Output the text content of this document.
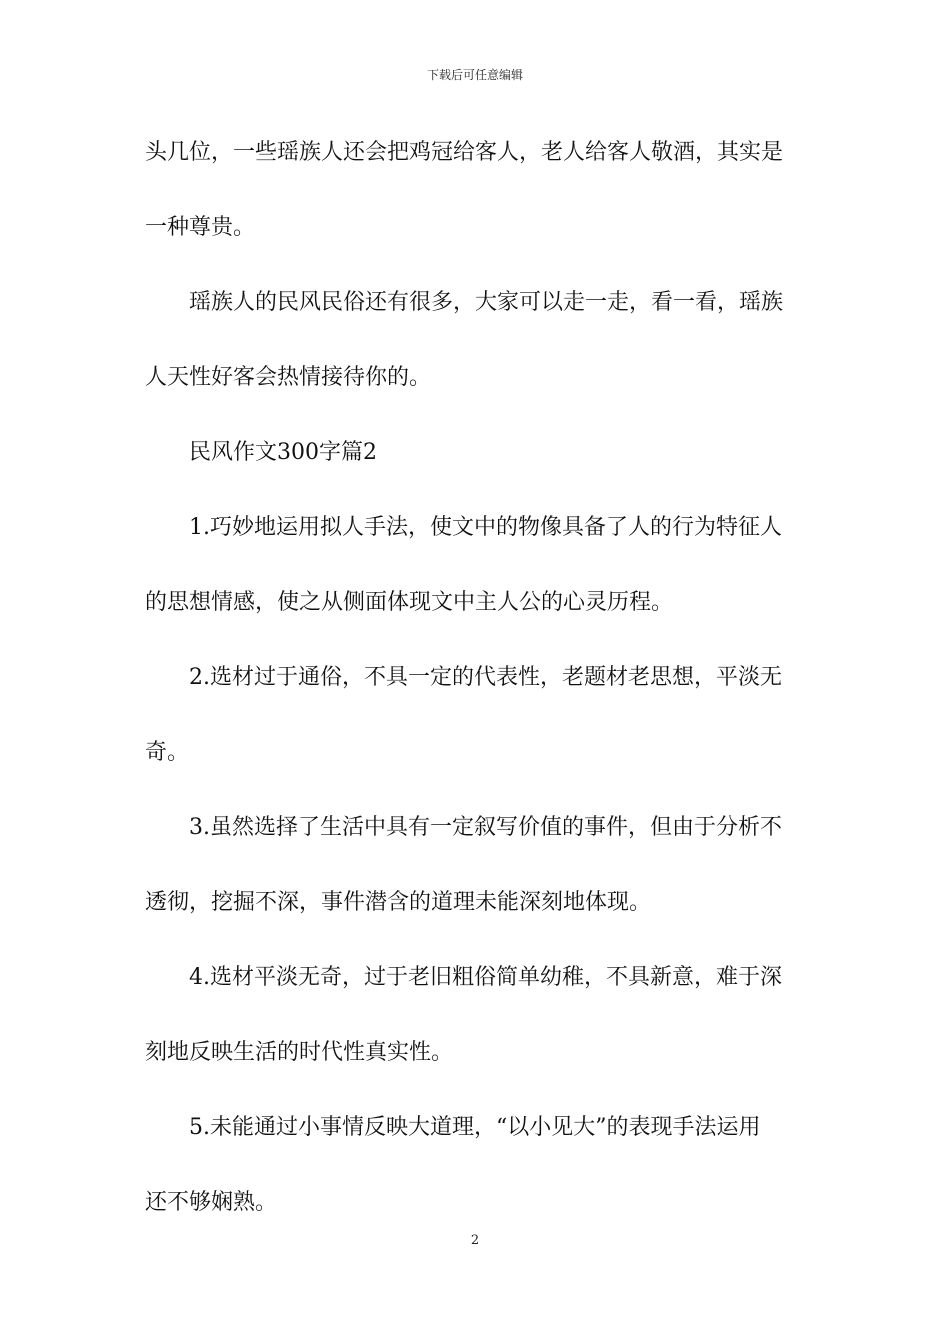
下载后可任意编辑
头几位，一些瑶族人还会把鸡冠给客人，老人给客人敬酒，其实是
一种尊贵。
瑶族人的民风民俗还有很多，大家可以走一走，看一看，瑶族
人天性好客会热情接待你的。
民风作文300字篇2
1.巧妙地运用拟人手法，使文中的物像具备了人的行为特征人
的思想情感，使之从侧面体现文中主人公的心灵历程。
2.选材过于通俗，不具一定的代表性，老题材老思想，平淡无
奇。
3.虽然选择了生活中具有一定叙写价值的事件，但由于分析不
透彻，挖掘不深，事件潜含的道理未能深刻地体现。
4.选材平淡无奇，过于老旧粗俗简单幼稚，不具新意，难于深
刻地反映生活的时代性真实性。
5.未能通过小事情反映大道理，“以小见大”的表现手法运用
还不够娴熟。
2
